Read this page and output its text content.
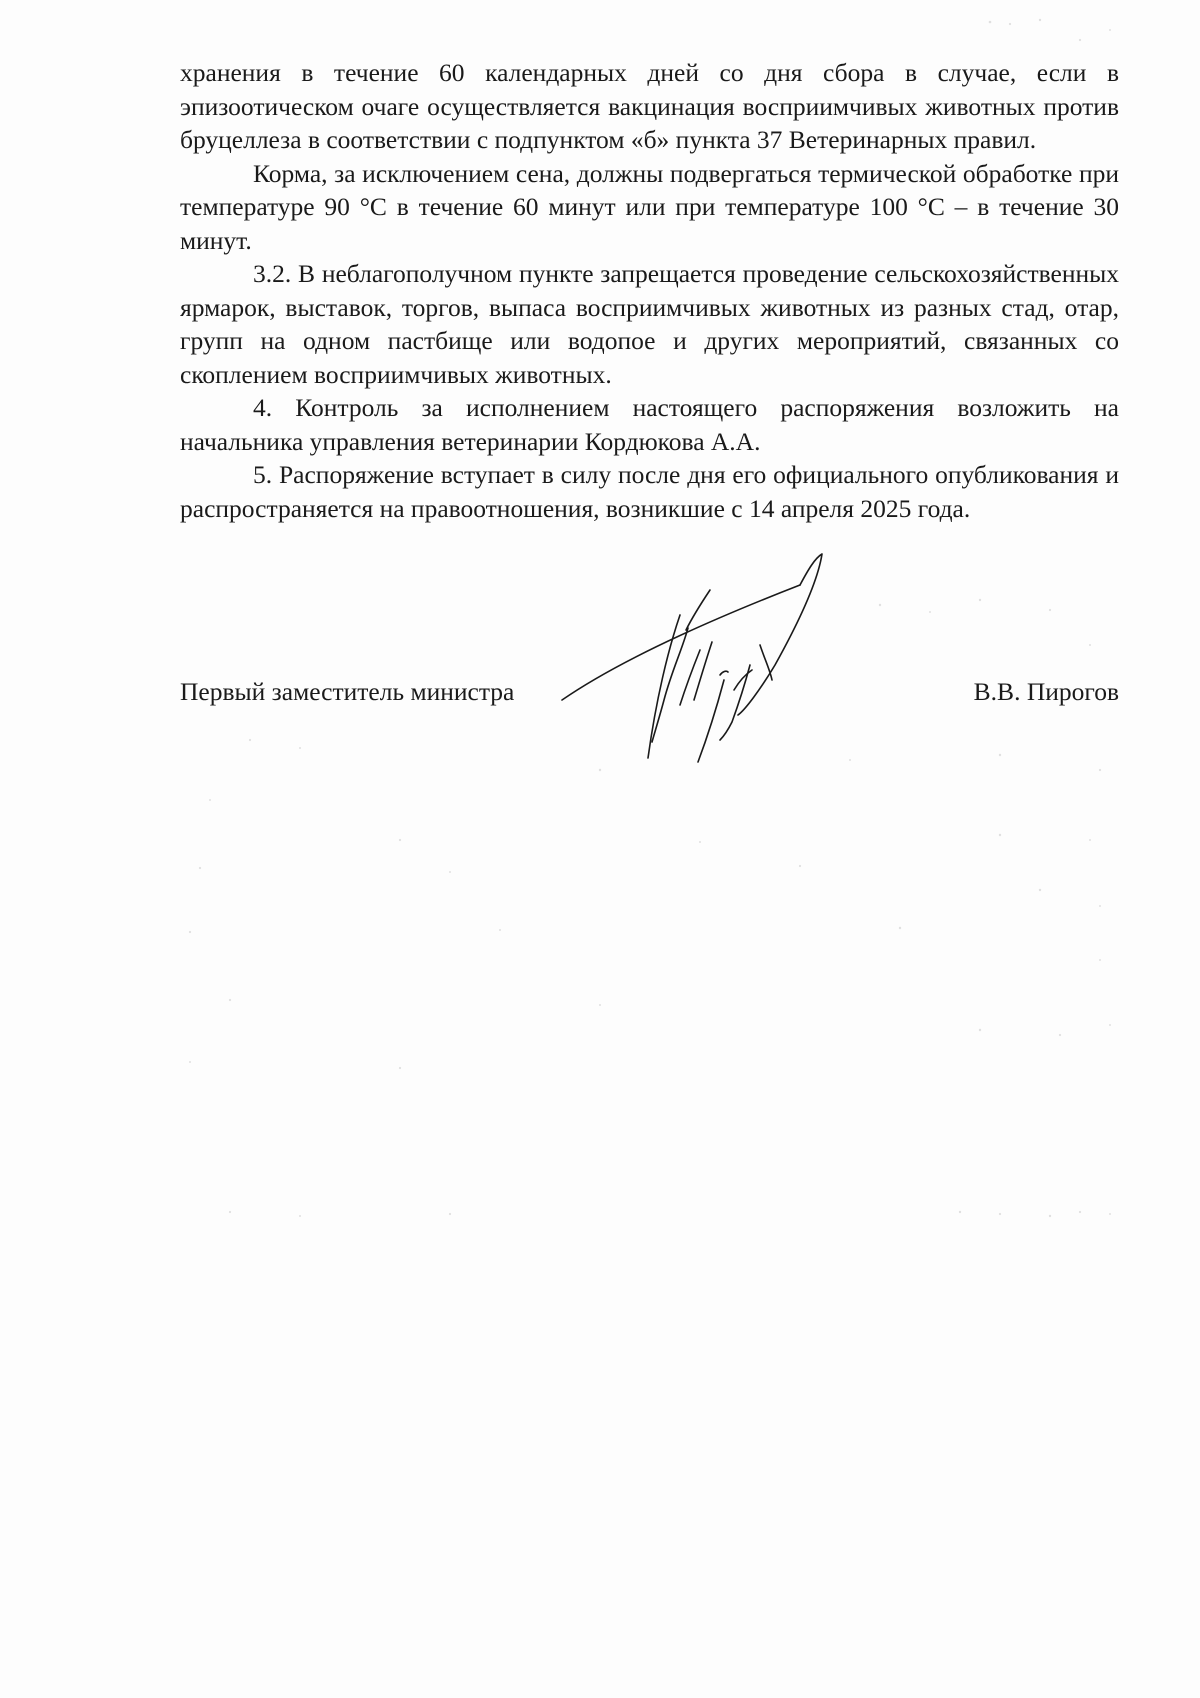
хранения в течение 60 календарных дней со дня сбора в случае, если в эпизоотическом очаге осуществляется вакцинация восприимчивых животных против бруцеллеза в соответствии с подпунктом «б» пункта 37 Ветеринарных правил.

Корма, за исключением сена, должны подвергаться термической обработке при температуре 90 °С в течение 60 минут или при температуре 100 °С – в течение 30 минут.

3.2. В неблагополучном пункте запрещается проведение сельскохозяйственных ярмарок, выставок, торгов, выпаса восприимчивых животных из разных стад, отар, групп на одном пастбище или водопое и других мероприятий, связанных со скоплением восприимчивых животных.

4. Контроль за исполнением настоящего распоряжения возложить на начальника управления ветеринарии Кордюкова А.А.

5. Распоряжение вступает в силу после дня его официального опубликования и распространяется на правоотношения, возникшие с 14 апреля 2025 года.

Первый заместитель министра	В.В. Пирогов
